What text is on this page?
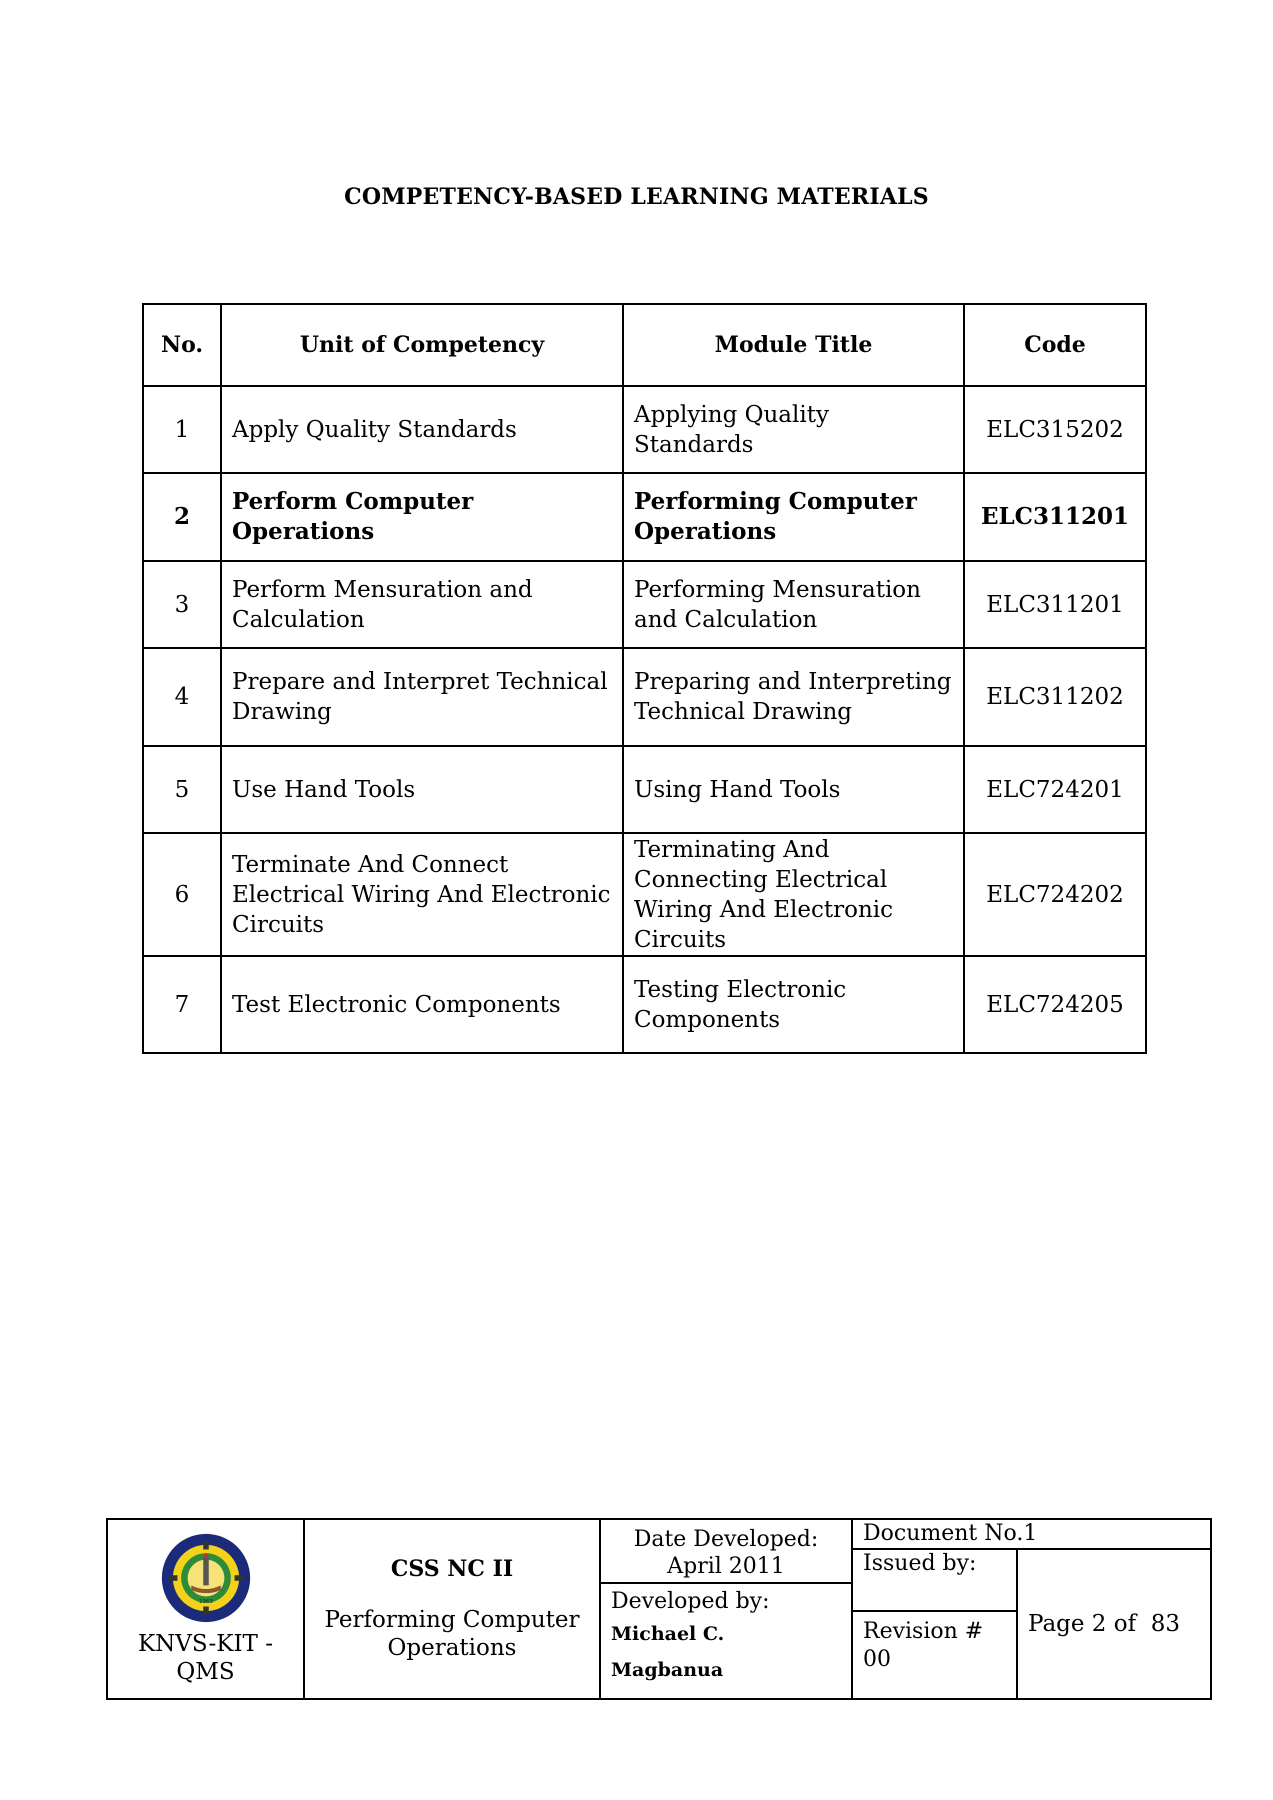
COMPETENCY-BASED LEARNING MATERIALS
No.	Unit of Competency	Module Title	Code
1	Apply Quality Standards	Applying Quality Standards	ELC315202
2	Perform Computer Operations	Performing Computer Operations	ELC311201
3	Perform Mensuration and Calculation	Performing Mensuration and Calculation	ELC311201
4	Prepare and Interpret Technical Drawing	Preparing and Interpreting Technical Drawing	ELC311202
5	Use Hand Tools	Using Hand Tools	ELC724201
6	Terminate And Connect Electrical Wiring And Electronic Circuits	Terminating And Connecting Electrical Wiring And Electronic Circuits	ELC724202
7	Test Electronic Components	Testing Electronic Components	ELC724205
1963
KNVS-KIT -
QMS
CSS NC II
Performing Computer
Operations
Date Developed:
April 2011
Developed by:
Michael C.
Magbanua
Document No.1
Issued by:
Revision #
00
Page 2 of  83
